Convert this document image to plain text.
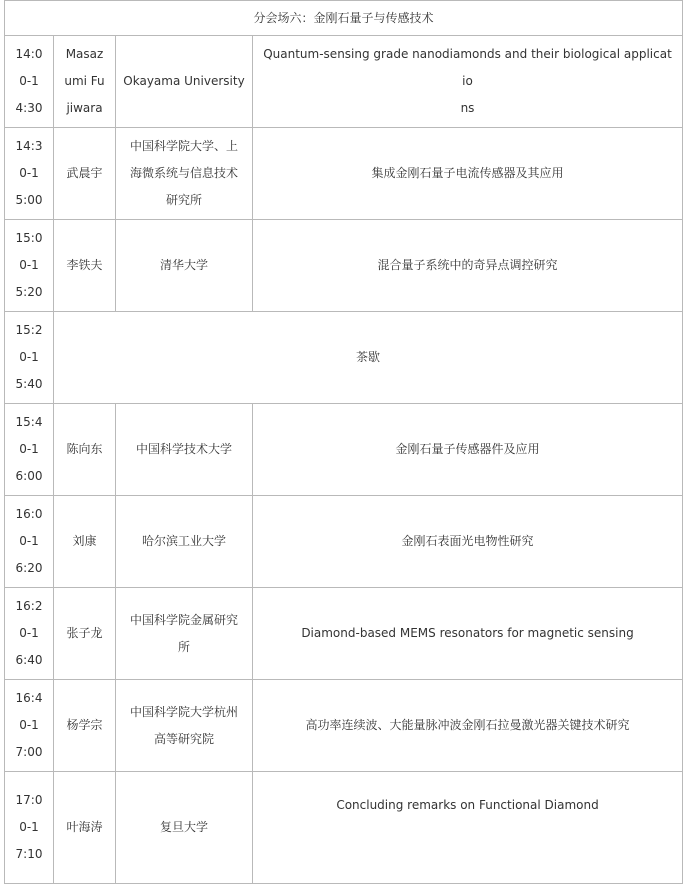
分会场六：金刚石量子与传感技术			

14:0
0-1
4:30	Masaz
umi Fu
jiwara	Okayama University	Quantum-sensing grade nanodiamonds and their biological applicatio
ns

14:3
0-1
5:00	武晨宇	中国科学院大学、上
海微系统与信息技术
研究所	集成金刚石量子电流传感器及其应用

15:0
0-1
5:20	李铁夫	清华大学	混合量子系统中的奇异点调控研究

15:2
0-1
5:40	茶歇		

15:4
0-1
6:00	陈向东	中国科学技术大学	金刚石量子传感器件及应用

16:0
0-1
6:20	刘康	哈尔滨工业大学	金刚石表面光电物性研究

16:2
0-1
6:40	张子龙	中国科学院金属研究
所	Diamond-based MEMS resonators for magnetic sensing

16:4
0-1
7:00	杨学宗	中国科学院大学杭州
高等研究院	高功率连续波、大能量脉冲波金刚石拉曼激光器关键技术研究

17:0
0-1
7:10	叶海涛	复旦大学	Concluding remarks on Functional Diamond
